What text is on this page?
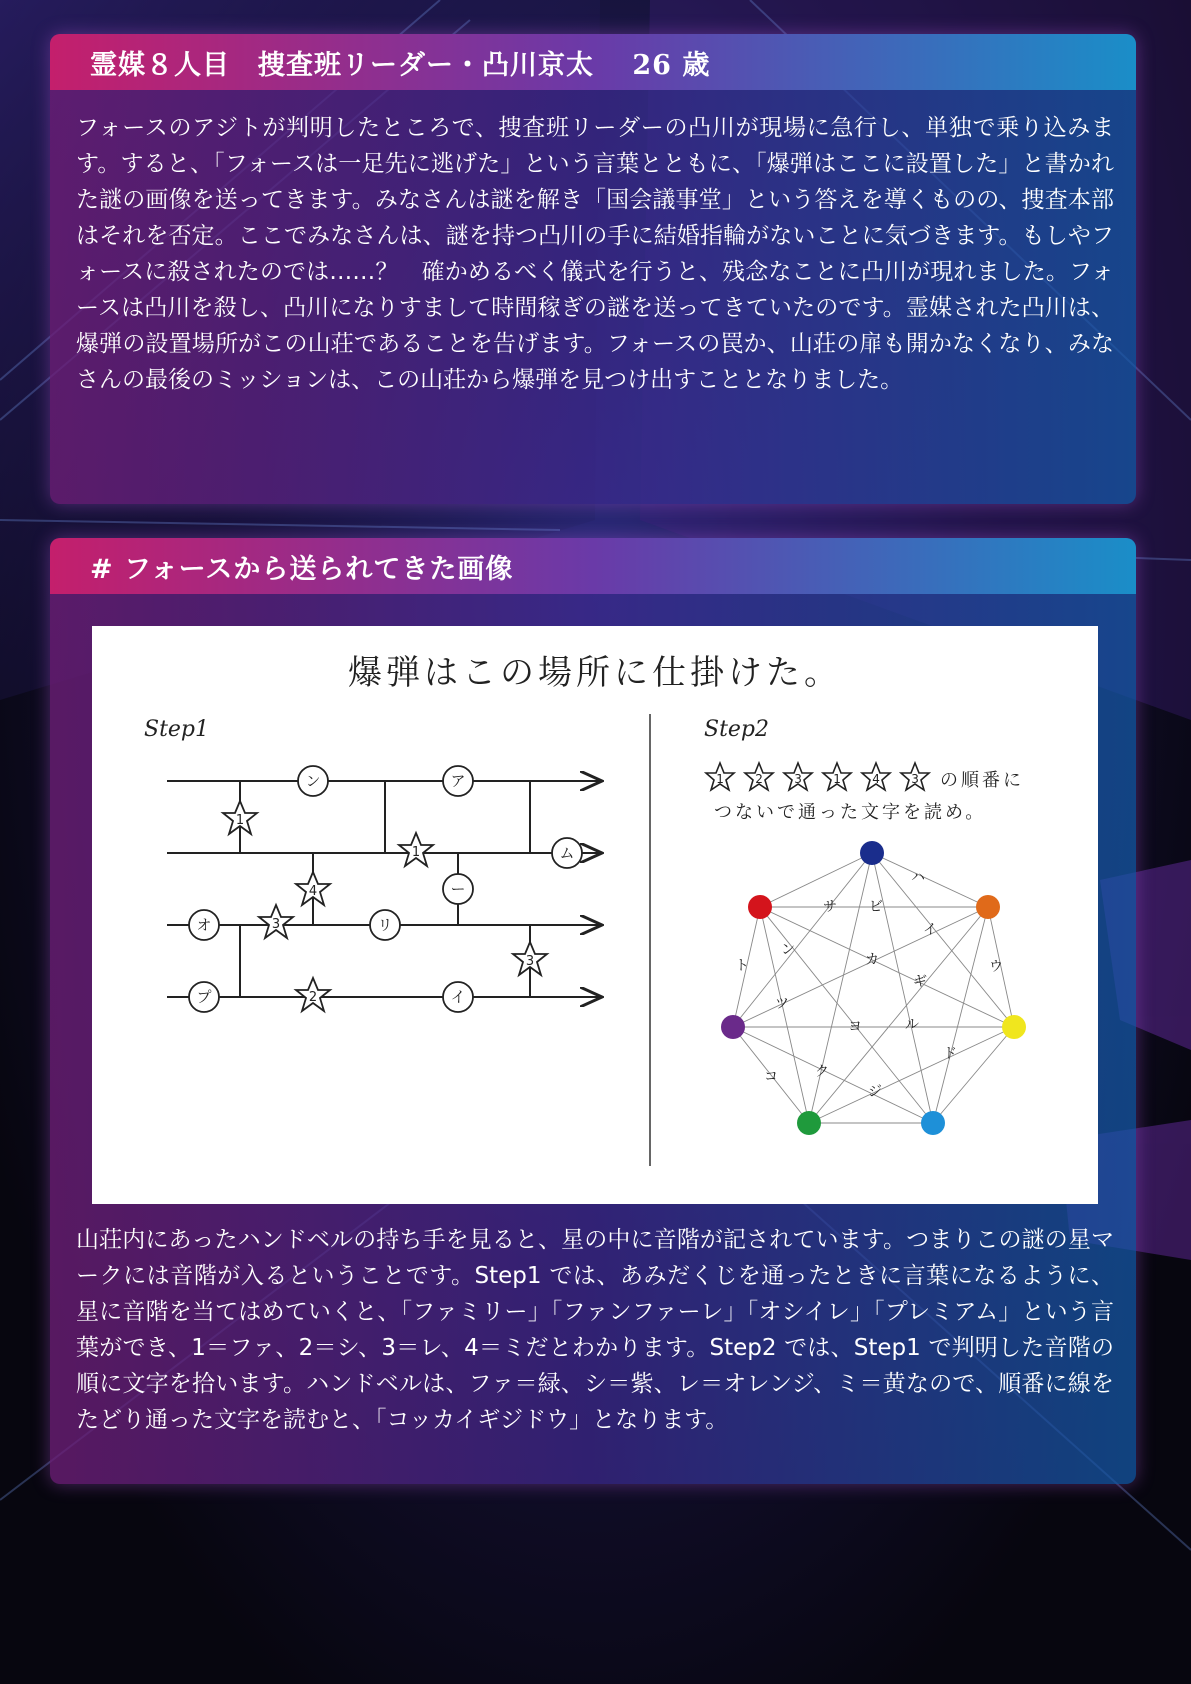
霊媒８人目　捜査班リーダー・凸川京太　 26 歳
フォースのアジトが判明したところで、捜査班リーダーの凸川が現場に急行し、単独で乗り込みます。すると、「フォースは一足先に逃げた」という言葉とともに、「爆弾はここに設置した」と書かれた謎の画像を送ってきます。みなさんは謎を解き「国会議事堂」という答えを導くものの、捜査本部はそれを否定。ここでみなさんは、謎を持つ凸川の手に結婚指輪がないことに気づきます。もしやフォースに殺されたのでは……？　確かめるべく儀式を行うと、残念なことに凸川が現れました。フォースは凸川を殺し、凸川になりすまして時間稼ぎの謎を送ってきていたのです。霊媒された凸川は、爆弾の設置場所がこの山荘であることを告げます。フォースの罠か、山荘の扉も開かなくなり、みなさんの最後のミッションは、この山荘から爆弾を見つけ出すこととなりました。
# フォースから送られてきた画像
爆弾はこの場所に仕掛けた。
Step1	Step2
ン	ア
ム
ー
オ	リ
プ	イ
1
1
4
3
2
3
1	2	3	1	4	3 の順番に
つないで通った文字を読め。
ハ
サ ビ
イ
ト
ン
カ	ウ
ツ
ギ
ヨ	ル
ド
コ	ク
ジ
山荘内にあったハンドベルの持ち手を見ると、星の中に音階が記されています。つまりこの謎の星マークには音階が入るということです。Step1 では、あみだくじを通ったときに言葉になるように、星に音階を当てはめていくと、「ファミリー」「ファンファーレ」「オシイレ」「プレミアム」という言葉ができ、1＝ファ、2＝シ、3＝レ、4＝ミだとわかります。Step2 では、Step1 で判明した音階の順に文字を拾います。ハンドベルは、ファ＝緑、シ＝紫、レ＝オレンジ、ミ＝黄なので、順番に線をたどり通った文字を読むと、「コッカイギジドウ」となります。
